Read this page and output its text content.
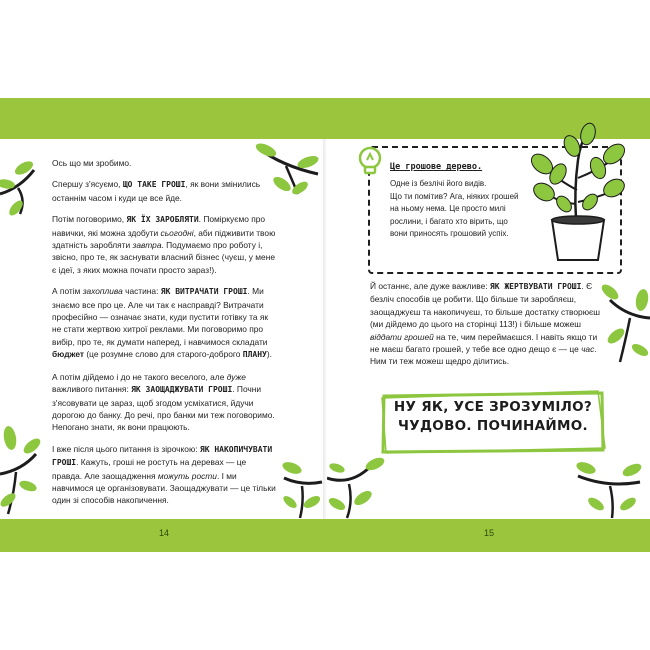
Ось що ми зробимо.

Спершу з'ясуємо, ЩО ТАКЕ ГРОШІ, як вони змінились останнім часом і куди це все йде.

Потім поговоримо, ЯК ЇХ ЗАРОБЛЯТИ. Поміркуємо про навички, які можна здобути сьогодні, аби підживити твою здатність заробляти завтра. Подумаємо про роботу і, звісно, про те, як заснувати власний бізнес (чуєш, у мене є ідеї, з яких можна почати просто зараз!).

А потім захоплива частина: ЯК ВИТРАЧАТИ ГРОШІ. Ми знаємо все про це. Але чи так є насправді? Витрачати професійно — означає знати, куди пустити готівку та як не стати жертвою хитрої реклами. Ми поговоримо про вибір, про те, як думати наперед, і навчимося складати бюджет (це розумне слово для старого-доброго ПЛАНУ).

А потім дійдемо і до не такого веселого, але дуже важливого питання: ЯК ЗАОЩАДЖУВАТИ ГРОШІ. Почни з'ясовувати це зараз, щоб згодом усміхатися, йдучи дорогою до банку. До речі, про банки ми теж поговоримо. Непогано знати, як вони працюють.

І вже після цього питання із зірочкою: ЯК НАКОПИЧУВАТИ ГРОШІ. Кажуть, гроші не ростуть на деревах — це правда. Але заощадження можуть рости. І ми навчимося це організовувати. Заощаджувати — це тільки один зі способів накопичення.

14
Це грошове дерево.
Одне із безлічі його видів.
Що ти помітив? Ага, ніяких грошей
на ньому нема. Це просто милі
рослини, і багато хто вірить, що
вони приносять грошовий успіх.

Й останнє, але дуже важливе: ЯК ЖЕРТВУВАТИ ГРОШІ. Є безліч способів це робити. Що більше ти заробляєш, заощаджуєш та накопичуєш, то більше достатку створюєш (ми дійдемо до цього на сторінці 113!) і більше можеш віддати грошей на те, чим переймаєшся. І навіть якщо ти не маєш багато грошей, у тебе все одно дещо є — це час. Ним ти теж можеш щедро ділитись.

НУ ЯК, УСЕ ЗРОЗУМІЛО?
ЧУДОВО. ПОЧИНАЙМО.
15
